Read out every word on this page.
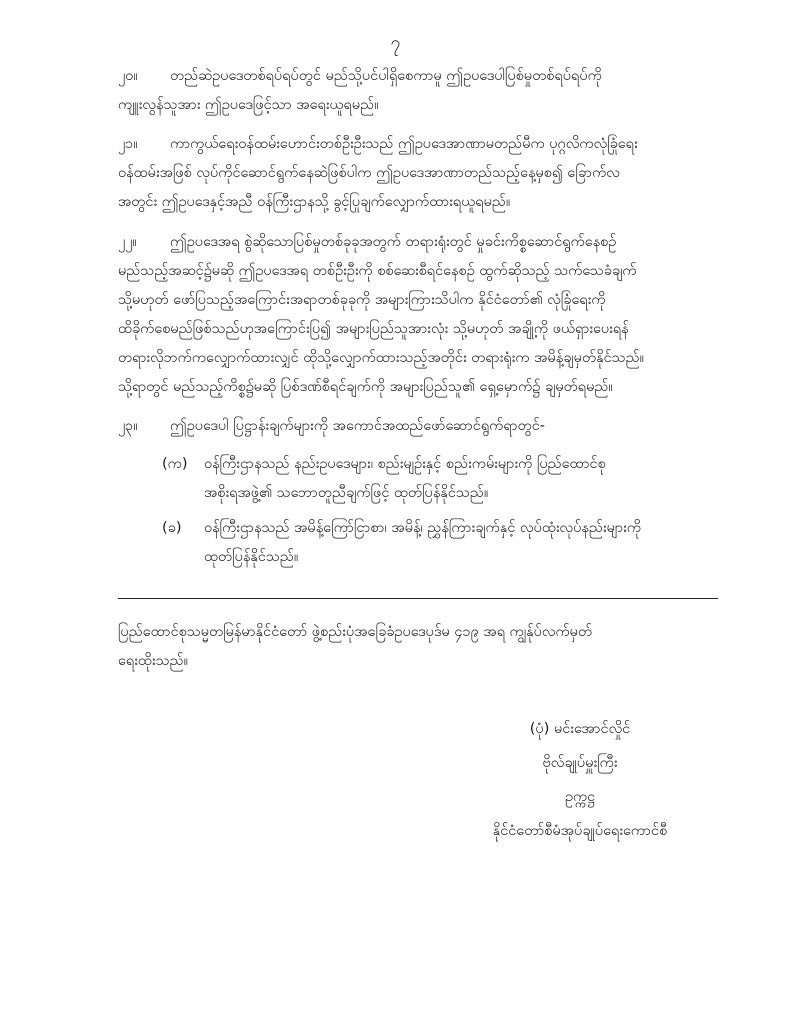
၇
၂၀။ တည်ဆဲဥပဒေတစ်ရပ်ရပ်တွင် မည်သို့ပင်ပါရှိစေကာမူ ဤဥပဒေပါပြစ်မှုတစ်ရပ်ရပ်ကို
ကျူးလွန်သူအား ဤဥပဒေဖြင့်သာ အရေးယူရမည်။
၂၁။ ကာကွယ်ရေးဝန်ထမ်းဟောင်းတစ်ဦးဦးသည် ဤဥပဒေအာဏာမတည်မီက ပုဂ္ဂလိကလုံခြုံရေး
ဝန်ထမ်းအဖြစ် လုပ်ကိုင်ဆောင်ရွက်နေဆဲဖြစ်ပါက ဤဥပဒေအာဏာတည်သည့်နေ့မှစ၍ ခြောက်လ
အတွင်း ဤဥပဒေနှင့်အညီ ဝန်ကြီးဌာနသို့ ခွင့်ပြုချက်လျှောက်ထားရယူရမည်။
၂၂။ ဤဥပဒေအရ စွဲဆိုသောပြစ်မှုတစ်ခုခုအတွက် တရားရုံးတွင် မှုခင်းကိစ္စဆောင်ရွက်နေစဉ်
မည်သည့်အဆင့်၌မဆို ဤဥပဒေအရ တစ်ဦးဦးကို စစ်ဆေးစီရင်နေစဉ် ထွက်ဆိုသည့် သက်သေခံချက်
သို့မဟုတ် ဖော်ပြသည့်အကြောင်းအရာတစ်ခုခုကို အများကြားသိပါက နိုင်ငံတော်၏ လုံခြုံရေးကို
ထိခိုက်စေမည်ဖြစ်သည်ဟုအကြောင်းပြ၍ အများပြည်သူအားလုံး သို့မဟုတ် အချို့ကို ဖယ်ရှားပေးရန်
တရားလိုဘက်ကလျှောက်ထားလျှင် ထိုသို့လျှောက်ထားသည့်အတိုင်း တရားရုံးက အမိန့်ချမှတ်နိုင်သည်။
သို့ရာတွင် မည်သည့်ကိစ္စ၌မဆို ပြစ်ဒဏ်စီရင်ချက်ကို အများပြည်သူ၏ ရှေ့မှောက်၌ ချမှတ်ရမည်။
၂၃။ ဤဥပဒေပါ ပြဋ္ဌာန်းချက်များကို အကောင်အထည်ဖော်ဆောင်ရွက်ရာတွင်-
(က) ဝန်ကြီးဌာနသည် နည်းဥပဒေများ၊ စည်းမျဉ်းနှင့် စည်းကမ်းများကို ပြည်ထောင်စု
အစိုးရအဖွဲ့၏ သဘောတူညီချက်ဖြင့် ထုတ်ပြန်နိုင်သည်။
(ခ) ဝန်ကြီးဌာနသည် အမိန့်ကြော်ငြာစာ၊ အမိန့်၊ ညွှန်ကြားချက်နှင့် လုပ်ထုံးလုပ်နည်းများကို
ထုတ်ပြန်နိုင်သည်။
ပြည်ထောင်စုသမ္မတမြန်မာနိုင်ငံတော် ဖွဲ့စည်းပုံအခြေခံဥပဒေပုဒ်မ ၄၁၉ အရ ကျွန်ုပ်လက်မှတ်
ရေးထိုးသည်။
(ပုံ) မင်းအောင်လှိုင်
ဗိုလ်ချုပ်မှူးကြီး
ဥက္ကဋ္ဌ
နိုင်ငံတော်စီမံအုပ်ချုပ်ရေးကောင်စီ
